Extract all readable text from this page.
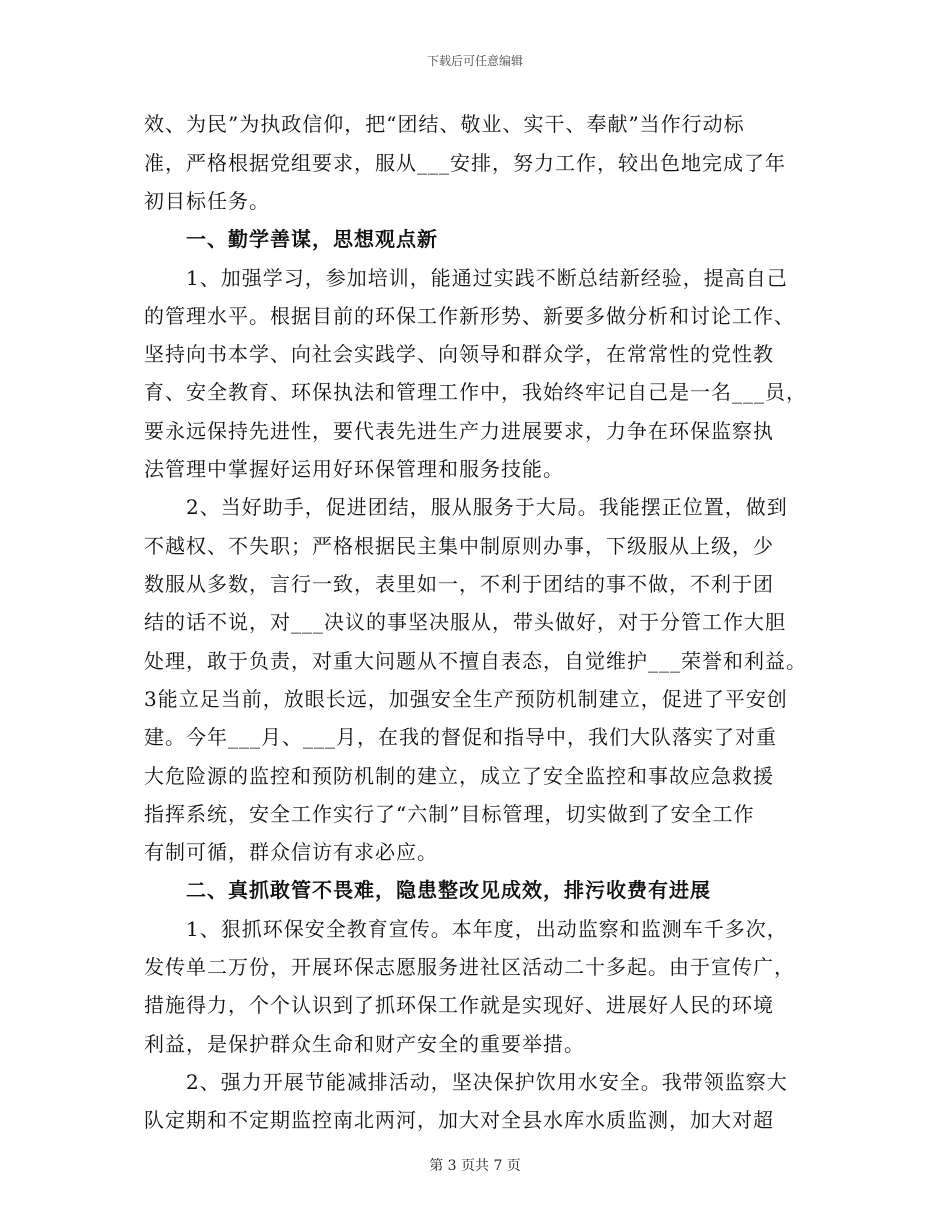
下载后可任意编辑
效、为民”为执政信仰，把“团结、敬业、实干、奉献”当作行动标
准，严格根据党组要求，服从___安排，努力工作，较出色地完成了年
初目标任务。
一、勤学善谋，思想观点新
1、加强学习，参加培训，能通过实践不断总结新经验，提高自己
的管理水平。根据目前的环保工作新形势、新要多做分析和讨论工作、
坚持向书本学、向社会实践学、向领导和群众学，在常常性的党性教
育、安全教育、环保执法和管理工作中，我始终牢记自己是一名___员，
要永远保持先进性，要代表先进生产力进展要求，力争在环保监察执
法管理中掌握好运用好环保管理和服务技能。
2、当好助手，促进团结，服从服务于大局。我能摆正位置，做到
不越权、不失职；严格根据民主集中制原则办事，下级服从上级，少
数服从多数，言行一致，表里如一，不利于团结的事不做，不利于团
结的话不说，对___决议的事坚决服从，带头做好，对于分管工作大胆
处理，敢于负责，对重大问题从不擅自表态，自觉维护___荣誉和利益。
3能立足当前，放眼长远，加强安全生产预防机制建立，促进了平安创
建。今年___月、___月，在我的督促和指导中，我们大队落实了对重
大危险源的监控和预防机制的建立，成立了安全监控和事故应急救援
指挥系统，安全工作实行了“六制”目标管理，切实做到了安全工作
有制可循，群众信访有求必应。
二、真抓敢管不畏难，隐患整改见成效，排污收费有进展
1、狠抓环保安全教育宣传。本年度，出动监察和监测车千多次，
发传单二万份，开展环保志愿服务进社区活动二十多起。由于宣传广，
措施得力，个个认识到了抓环保工作就是实现好、进展好人民的环境
利益，是保护群众生命和财产安全的重要举措。
2、强力开展节能减排活动，坚决保护饮用水安全。我带领监察大
队定期和不定期监控南北两河，加大对全县水库水质监测，加大对超
第 3 页共 7 页
